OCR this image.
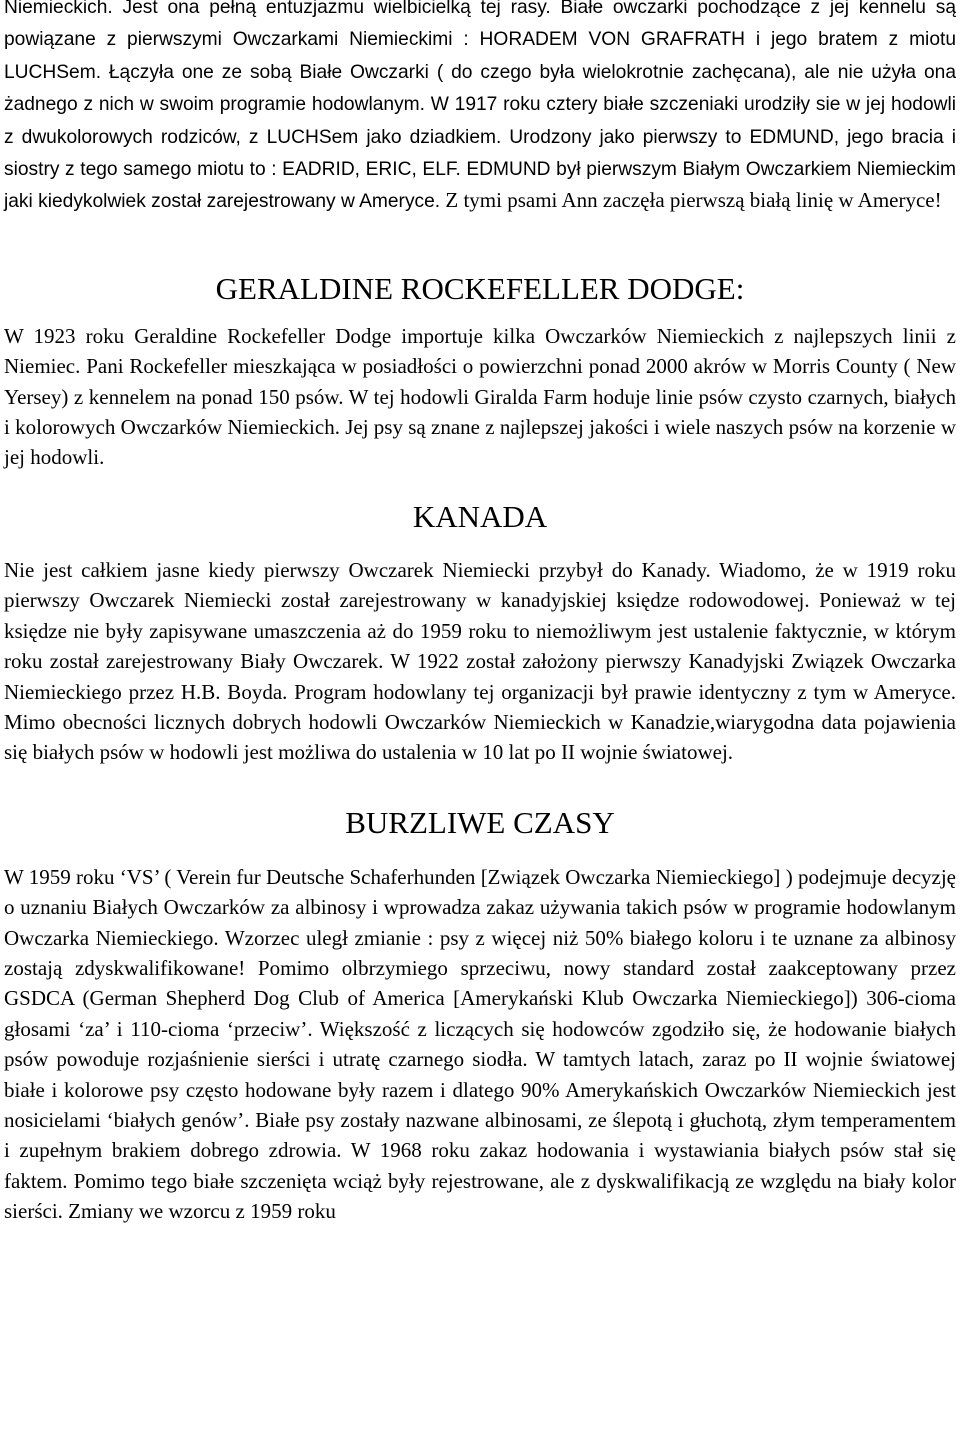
Niemieckich. Jest ona pełną entuzjazmu wielbicielką tej rasy. Białe owczarki pochodzące z jej kennelu są powiązane z pierwszymi Owczarkami Niemieckimi : HORADEM VON GRAFRATH i jego bratem z miotu LUCHSem. Łączyła one ze sobą Białe Owczarki ( do czego była wielokrotnie zachęcana), ale nie użyła ona żadnego z nich w swoim programie hodowlanym. W 1917 roku cztery białe szczeniaki urodziły sie w jej hodowli z dwukolorowych rodziców, z LUCHSem jako dziadkiem. Urodzony jako pierwszy to EDMUND, jego bracia i siostry z tego samego miotu to : EADRID, ERIC, ELF. EDMUND był pierwszym Białym Owczarkiem Niemieckim jaki kiedykolwiek został zarejestrowany w Ameryce. Z tymi psami Ann zaczęła pierwszą białą linię w Ameryce!

GERALDINE ROCKEFELLER DODGE:

W 1923 roku Geraldine Rockefeller Dodge importuje kilka Owczarków Niemieckich z najlepszych linii z Niemiec. Pani Rockefeller mieszkająca w posiadłości o powierzchni ponad 2000 akrów w Morris County ( New Yersey) z kennelem na ponad 150 psów. W tej hodowli Giralda Farm hoduje linie psów czysto czarnych, białych i kolorowych Owczarków Niemieckich. Jej psy są znane z najlepszej jakości i wiele naszych psów na korzenie w jej hodowli.

KANADA

Nie jest całkiem jasne kiedy pierwszy Owczarek Niemiecki przybył do Kanady. Wiadomo, że w 1919 roku pierwszy Owczarek Niemiecki został zarejestrowany w kanadyjskiej księdze rodowodowej. Ponieważ w tej księdze nie były zapisywane umaszczenia aż do 1959 roku to niemożliwym jest ustalenie faktycznie, w którym roku został zarejestrowany Biały Owczarek. W 1922 został założony pierwszy Kanadyjski Związek Owczarka Niemieckiego przez H.B. Boyda. Program hodowlany tej organizacji był prawie identyczny z tym w Ameryce. Mimo obecności licznych dobrych hodowli Owczarków Niemieckich w Kanadzie,wiarygodna data pojawienia się białych psów w hodowli jest możliwa do ustalenia w 10 lat po II wojnie światowej.

BURZLIWE CZASY

W 1959 roku ‘VS’ ( Verein fur Deutsche Schaferhunden [Związek Owczarka Niemieckiego] ) podejmuje decyzję o uznaniu Białych Owczarków za albinosy i wprowadza zakaz używania takich psów w programie hodowlanym Owczarka Niemieckiego. Wzorzec uległ zmianie : psy z więcej niż 50% białego koloru i te uznane za albinosy zostają zdyskwalifikowane! Pomimo olbrzymiego sprzeciwu, nowy standard został zaakceptowany przez GSDCA (German Shepherd Dog Club of America [Amerykański Klub Owczarka Niemieckiego]) 306-cioma głosami ‘za’ i 110-cioma ‘przeciw’. Większość z liczących się hodowców zgodziło się, że hodowanie białych psów powoduje rozjaśnienie sierści i utratę czarnego siodła. W tamtych latach, zaraz po II wojnie światowej białe i kolorowe psy często hodowane były razem i dlatego 90% Amerykańskich Owczarków Niemieckich jest nosicielami ‘białych genów’. Białe psy zostały nazwane albinosami, ze ślepotą i głuchotą, złym temperamentem i zupełnym brakiem dobrego zdrowia. W 1968 roku zakaz hodowania i wystawiania białych psów stał się faktem. Pomimo tego białe szczenięta wciąż były rejestrowane, ale z dyskwalifikacją ze względu na biały kolor sierści. Zmiany we wzorcu z 1959 roku
